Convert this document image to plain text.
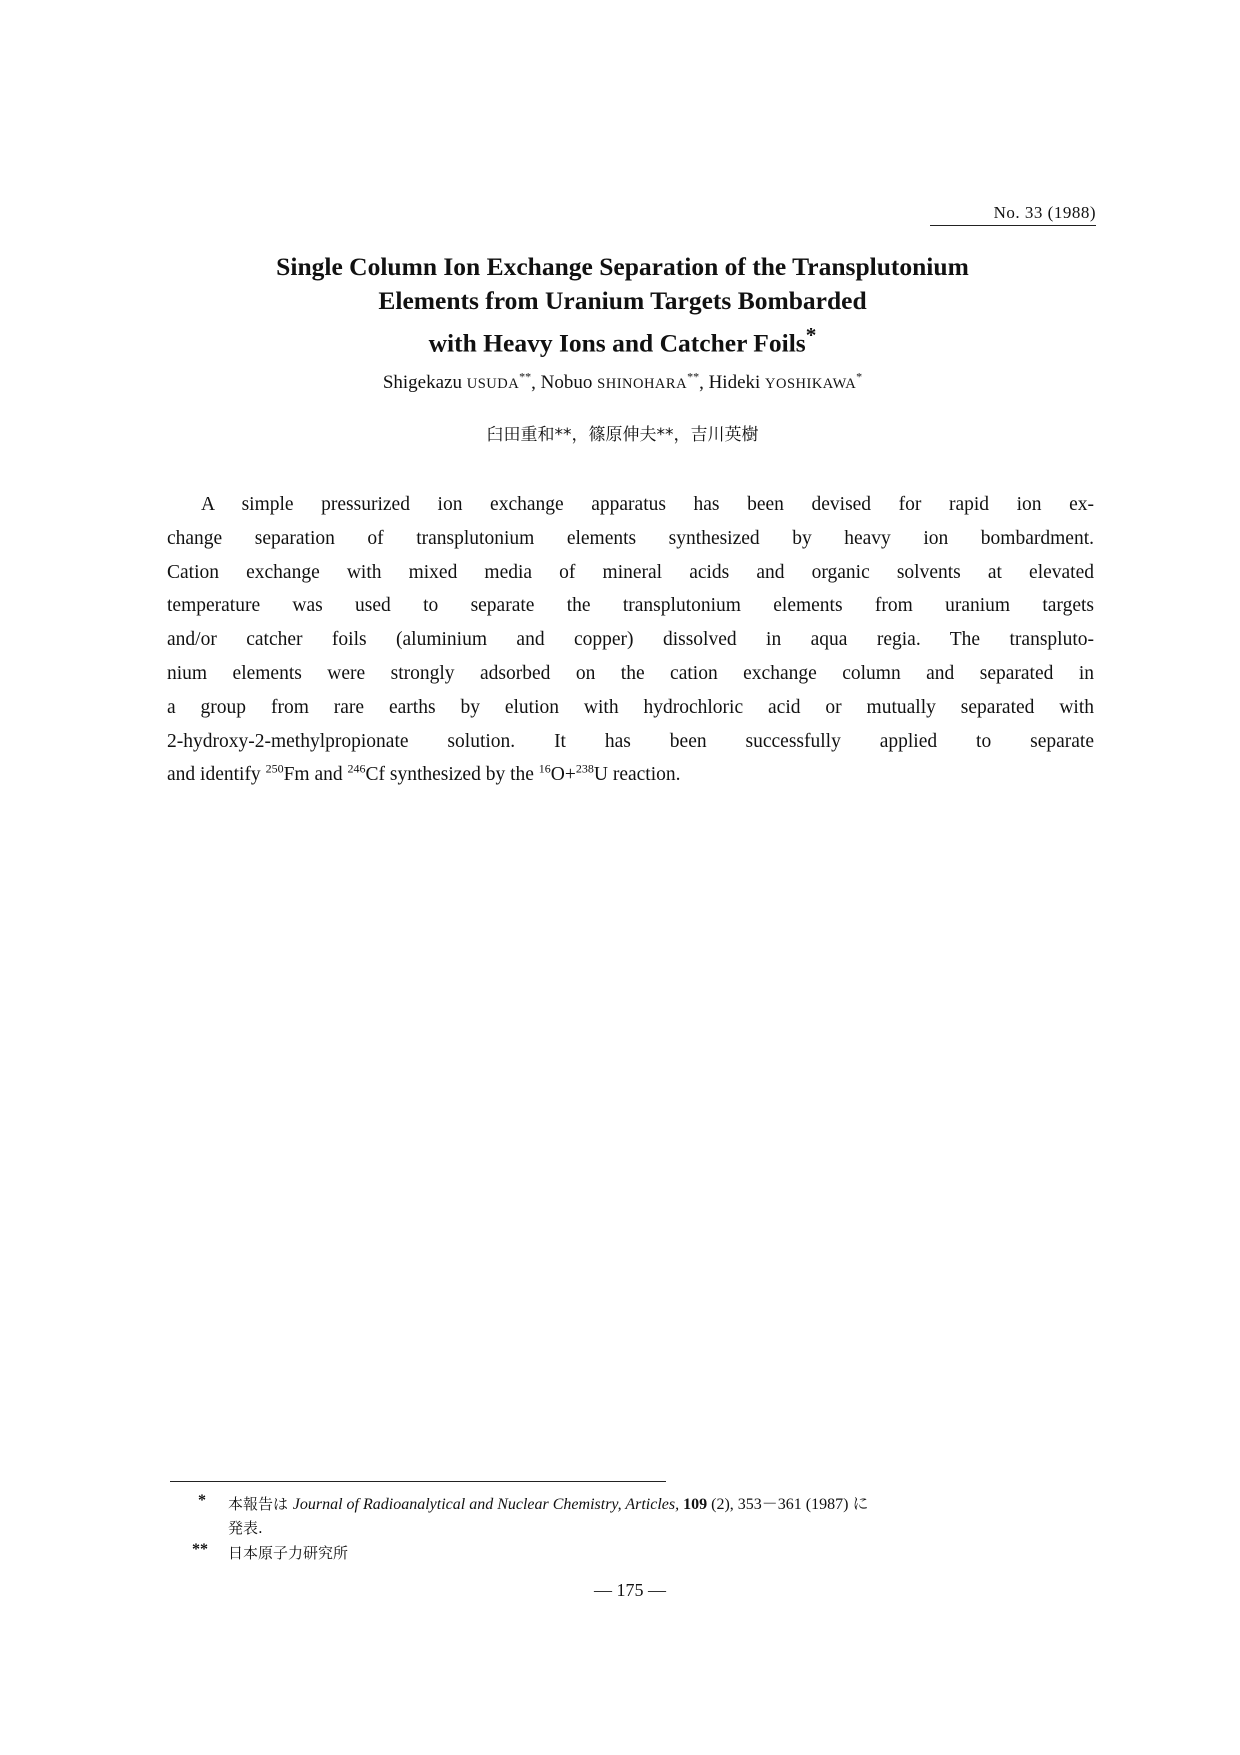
No. 33 (1988)
Single Column Ion Exchange Separation of the Transplutonium
Elements from Uranium Targets Bombarded
with Heavy Ions and Catcher Foils*
Shigekazu USUDA**, Nobuo SHINOHARA**, Hideki YOSHIKAWA*
臼田重和**，篠原伸夫**，吉川英樹
A simple pressurized ion exchange apparatus has been devised for rapid ion ex-
change separation of transplutonium elements synthesized by heavy ion bombardment.
Cation exchange with mixed media of mineral acids and organic solvents at elevated
temperature was used to separate the transplutonium elements from uranium targets
and/or catcher foils (aluminium and copper) dissolved in aqua regia. The transpluto-
nium elements were strongly adsorbed on the cation exchange column and separated in
a group from rare earths by elution with hydrochloric acid or mutually separated with
2-hydroxy-2-methylpropionate solution. It has been successfully applied to separate
and identify $^{250}$Fm and $^{246}$Cf synthesized by the $^{16}$O+$^{238}$U reaction.
* 本報告は Journal of Radioanalytical and Nuclear Chemistry, Articles, 109 (2), 353－361 (1987) に
発表.
** 日本原子力研究所
― 175 ―
